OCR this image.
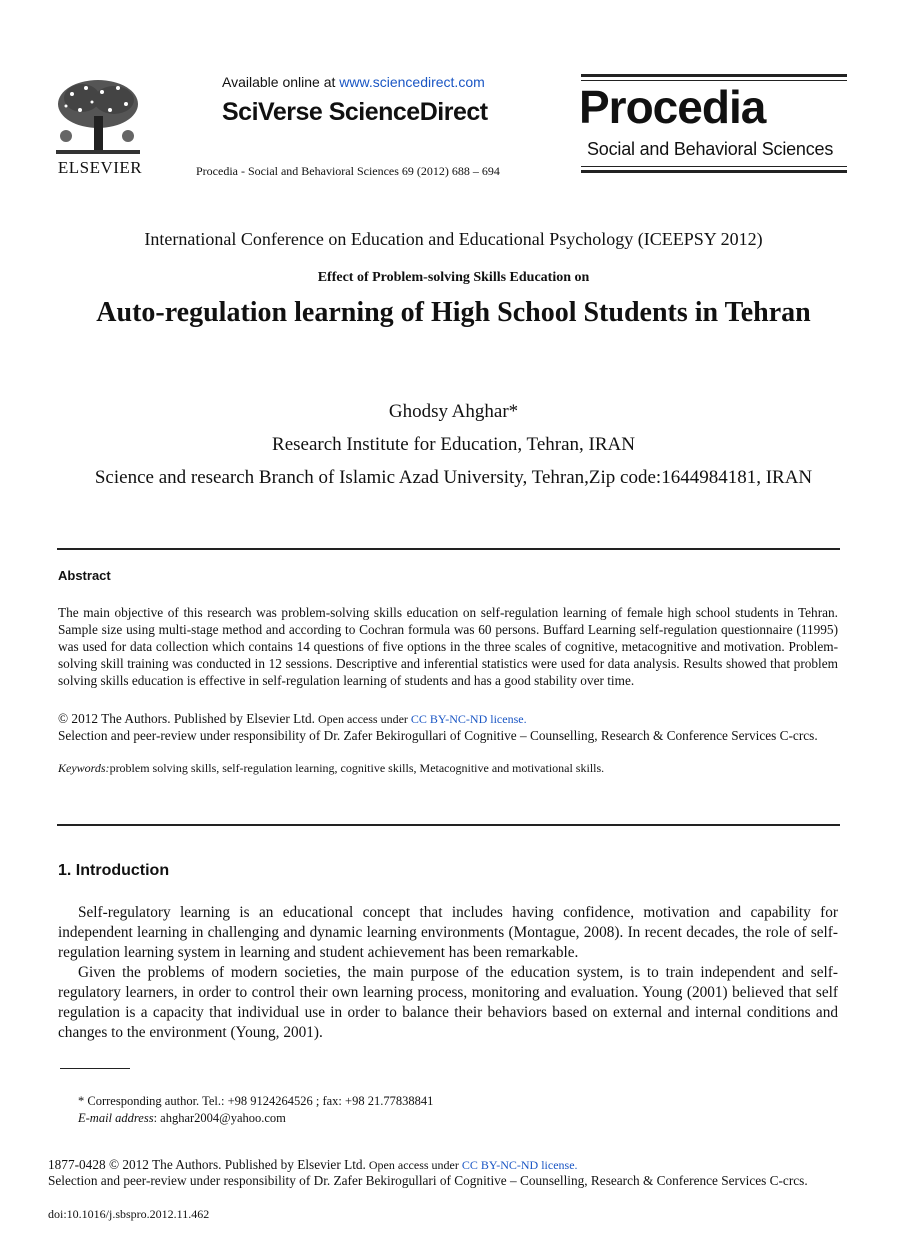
ELSEVIER
Available online at www.sciencedirect.com
SciVerse ScienceDirect
Procedia - Social and Behavioral Sciences 69 (2012) 688 – 694
Procedia
Social and Behavioral Sciences
International Conference on Education and Educational Psychology (ICEEPSY 2012)
Effect of Problem-solving Skills Education on
Auto-regulation learning of High School Students in Tehran
Ghodsy Ahghar*
Research Institute for Education, Tehran, IRAN
Science and research Branch of Islamic Azad University, Tehran,Zip code:1644984181, IRAN
Abstract
The main objective of this research was problem-solving skills education on self-regulation learning of female high school students in Tehran. Sample size using multi-stage method and according to Cochran formula was 60 persons. Buffard Learning self-regulation questionnaire (11995) was used for data collection which contains 14 questions of five options in the three scales of cognitive, metacognitive and motivation. Problem-solving skill training was conducted in 12 sessions. Descriptive and inferential statistics were used for data analysis. Results showed that problem solving skills education is effective in self-regulation learning of students and has a good stability over time.
© 2012 The Authors. Published by Elsevier Ltd. Open access under CC BY-NC-ND license.
Selection and peer-review under responsibility of Dr. Zafer Bekirogullari of Cognitive – Counselling, Research & Conference Services C-crcs.
Keywords:problem solving skills, self-regulation learning, cognitive skills, Metacognitive and motivational skills.
1. Introduction
Self-regulatory learning is an educational concept that includes having confidence, motivation and capability for independent learning in challenging and dynamic learning environments (Montague, 2008). In recent decades, the role of self-regulation learning system in learning and student achievement has been remarkable.
Given the problems of modern societies, the main purpose of the education system, is to train independent and self-regulatory learners, in order to control their own learning process, monitoring and evaluation. Young (2001) believed that self regulation is a capacity that individual use in order to balance their behaviors based on external and internal conditions and changes to the environment (Young, 2001).
* Corresponding author. Tel.: +98 9124264526 ; fax: +98 21.77838841
E-mail address: ahghar2004@yahoo.com
1877-0428 © 2012 The Authors. Published by Elsevier Ltd. Open access under CC BY-NC-ND license.
Selection and peer-review under responsibility of Dr. Zafer Bekirogullari of Cognitive – Counselling, Research & Conference Services C-crcs.
doi:10.1016/j.sbspro.2012.11.462
